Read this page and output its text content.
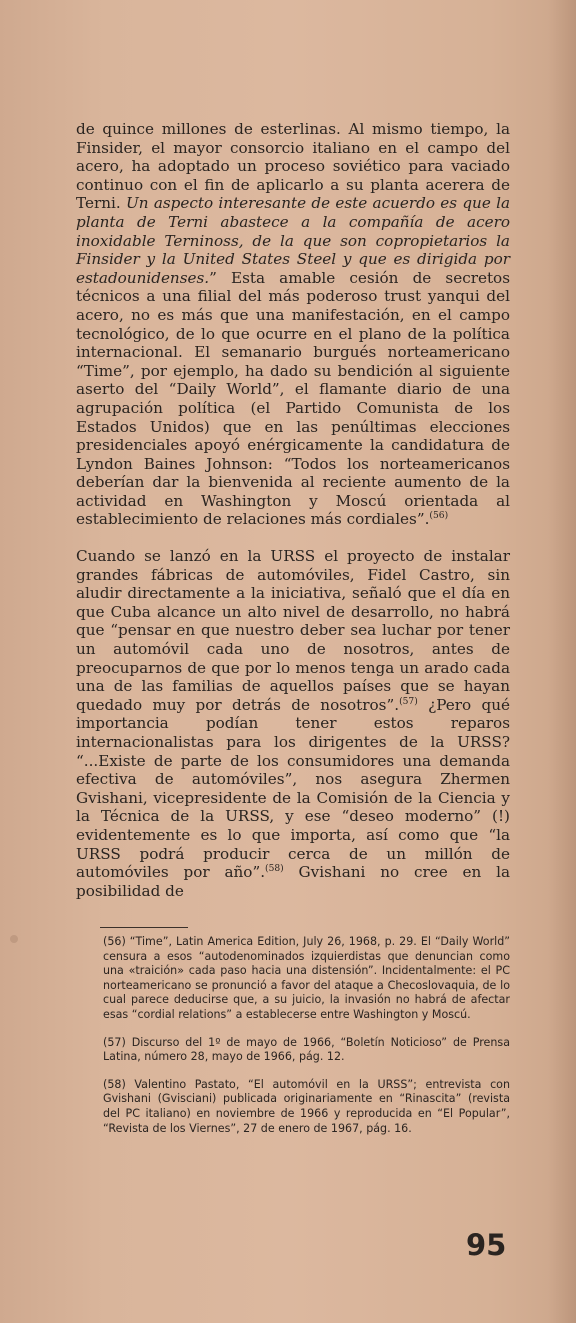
de quince millones de esterlinas. Al mismo tiempo, la Finsider, el mayor consorcio italiano en el campo del acero, ha adoptado un proceso soviético para vaciado continuo con el fin de aplicarlo a su planta acerera de Terni. Un aspecto interesante de este acuerdo es que la planta de Terni abastece a la compañía de acero inoxidable Terninoss, de la que son copropietarios la Finsider y la United States Steel y que es dirigida por estadounidenses.” Esta amable cesión de secretos técnicos a una filial del más poderoso trust yanqui del acero, no es más que una manifestación, en el campo tecnológico, de lo que ocurre en el plano de la política internacional. El semanario burgués norteamericano “Time”, por ejemplo, ha dado su bendición al siguiente aserto del “Daily World”, el flamante diario de una agrupación política (el Partido Comunista de los Estados Unidos) que en las penúltimas elecciones presidenciales apoyó enérgicamente la candidatura de Lyndon Baines Johnson: “Todos los norteamericanos deberían dar la bienvenida al reciente aumento de la actividad en Washington y Moscú orientada al establecimiento de relaciones más cordiales”.$^{(56)}$

Cuando se lanzó en la URSS el proyecto de instalar grandes fábricas de automóviles, Fidel Castro, sin aludir directamente a la iniciativa, señaló que el día en que Cuba alcance un alto nivel de desarrollo, no habrá que “pensar en que nuestro deber sea luchar por tener un automóvil cada uno de nosotros, antes de preocuparnos de que por lo menos tenga un arado cada una de las familias de aquellos países que se hayan quedado muy por detrás de nosotros”.$^{(57)}$ ¿Pero qué importancia podían tener estos reparos internacionalistas para los dirigentes de la URSS? “...Existe de parte de los consumidores una demanda efectiva de automóviles”, nos asegura Zhermen Gvishani, vicepresidente de la Comisión de la Ciencia y la Técnica de la URSS, y ese “deseo moderno” (!) evidentemente es lo que importa, así como que “la URSS podrá producir cerca de un millón de automóviles por año”.$^{(58)}$ Gvishani no cree en la posibilidad de

(56) “Time”, Latin America Edition, July 26, 1968, p. 29. El “Daily World” censura a esos “autodenominados izquierdistas que denuncian como una «traición» cada paso hacia una distensión”. Incidentalmente: el PC norteamericano se pronunció a favor del ataque a Checoslovaquia, de lo cual parece deducirse que, a su juicio, la invasión no habrá de afectar esas “cordial relations” a establecerse entre Washington y Moscú.

(57) Discurso del 1º de mayo de 1966, “Boletín Noticioso” de Prensa Latina, número 28, mayo de 1966, pág. 12.

(58) Valentino Pastato, “El automóvil en la URSS”; entrevista con Gvishani (Gvisciani) publicada originariamente en “Rinascita” (revista del PC italiano) en noviembre de 1966 y reproducida en “El Popular”, “Revista de los Viernes”, 27 de enero de 1967, pág. 16.

95
